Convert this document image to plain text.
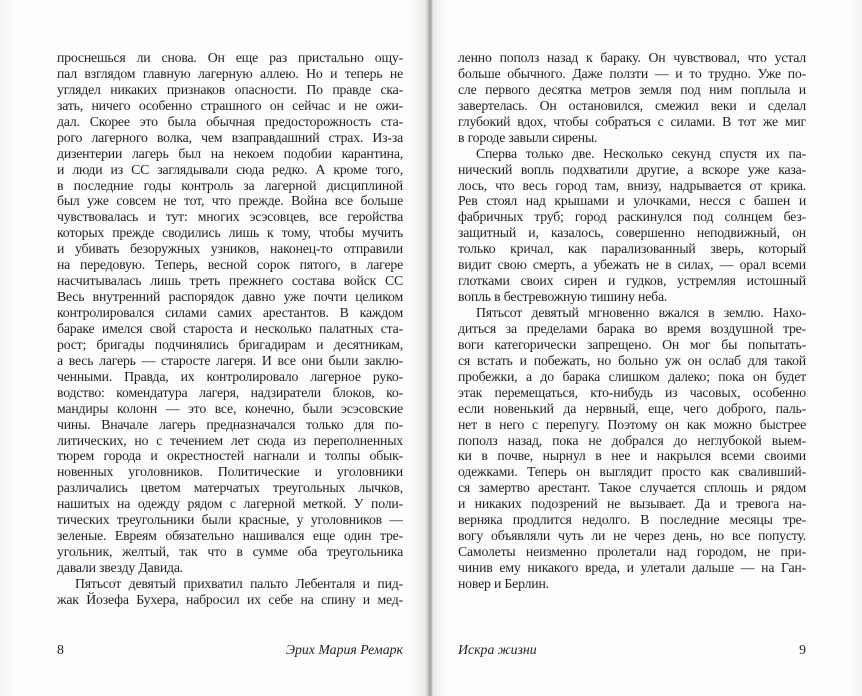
проснешься ли снова. Он еще раз пристально ощу-
пал взглядом главную лагерную аллею. Но и теперь не
углядел никаких признаков опасности. По правде ска-
зать, ничего особенно страшного он сейчас и не ожи-
дал. Скорее это была обычная предосторожность ста-
рого лагерного волка, чем взаправдашний страх. Из-за
дизентерии лагерь был на некоем подобии карантина,
и люди из СС заглядывали сюда редко. А кроме того,
в последние годы контроль за лагерной дисциплиной
был уже совсем не тот, что прежде. Война все больше
чувствовалась и тут: многих эсэсовцев, все геройства
которых прежде сводились лишь к тому, чтобы мучить
и убивать безоружных узников, наконец-то отправили
на передовую. Теперь, весной сорок пятого, в лагере
насчитывалась лишь треть прежнего состава войск СС
Весь внутренний распорядок давно уже почти целиком
контролировался силами самих арестантов. В каждом
бараке имелся свой староста и несколько палатных ста-
рост; бригады подчинялись бригадирам и десятникам,
а весь лагерь — старосте лагеря. И все они были заклю-
ченными. Правда, их контролировало лагерное руко-
водство: комендатура лагеря, надзиратели блоков, ко-
мандиры колонн — это все, конечно, были эсэсовские
чины. Вначале лагерь предназначался только для по-
литических, но с течением лет сюда из переполненных
тюрем города и окрестностей нагнали и толпы обык-
новенных уголовников. Политические и уголовники
различались цветом матерчатых треугольных лычков,
нашитых на одежду рядом с лагерной меткой. У поли-
тических треугольники были красные, у уголовников —
зеленые. Евреям обязательно нашивался еще один тре-
угольник, желтый, так что в сумме оба треугольника
давали звезду Давида.
Пятьсот девятый прихватил пальто Лебенталя и пид-
жак Йозефа Бухера, набросил их себе на спину и мед-
ленно пополз назад к бараку. Он чувствовал, что устал
больше обычного. Даже ползти — и то трудно. Уже по-
сле первого десятка метров земля под ним поплыла и
завертелась. Он остановился, смежил веки и сделал
глубокий вдох, чтобы собраться с силами. В тот же миг
в городе завыли сирены.
Сперва только две. Несколько секунд спустя их па-
нический вопль подхватили другие, а вскоре уже каза-
лось, что весь город там, внизу, надрывается от крика.
Рев стоял над крышами и улочками, несся с башен и
фабричных труб; город раскинулся под солнцем без-
защитный и, казалось, совершенно неподвижный, он
только кричал, как парализованный зверь, который
видит свою смерть, а убежать не в силах, — орал всеми
глотками своих сирен и гудков, устремляя истошный
вопль в бестревожную тишину неба.
Пятьсот девятый мгновенно вжался в землю. Нахо-
диться за пределами барака во время воздушной тре-
воги категорически запрещено. Он мог бы попытать-
ся встать и побежать, но больно уж он ослаб для такой
пробежки, а до барака слишком далеко; пока он будет
этак перемещаться, кто-нибудь из часовых, особенно
если новенький да нервный, еще, чего доброго, паль-
нет в него с перепугу. Поэтому он как можно быстрее
пополз назад, пока не добрался до неглубокой выем-
ки в почве, нырнул в нее и накрылся всеми своими
одежками. Теперь он выглядит просто как сваливший-
ся замертво арестант. Такое случается сплошь и рядом
и никаких подозрений не вызывает. Да и тревога на-
верняка продлится недолго. В последние месяцы тре-
вогу объявляли чуть ли не через день, но все попусту.
Самолеты неизменно пролетали над городом, не при-
чинив ему никакого вреда, и улетали дальше — на Ган-
новер и Берлин.
8	Эрих Мария Ремарк	Искра жизни	9
